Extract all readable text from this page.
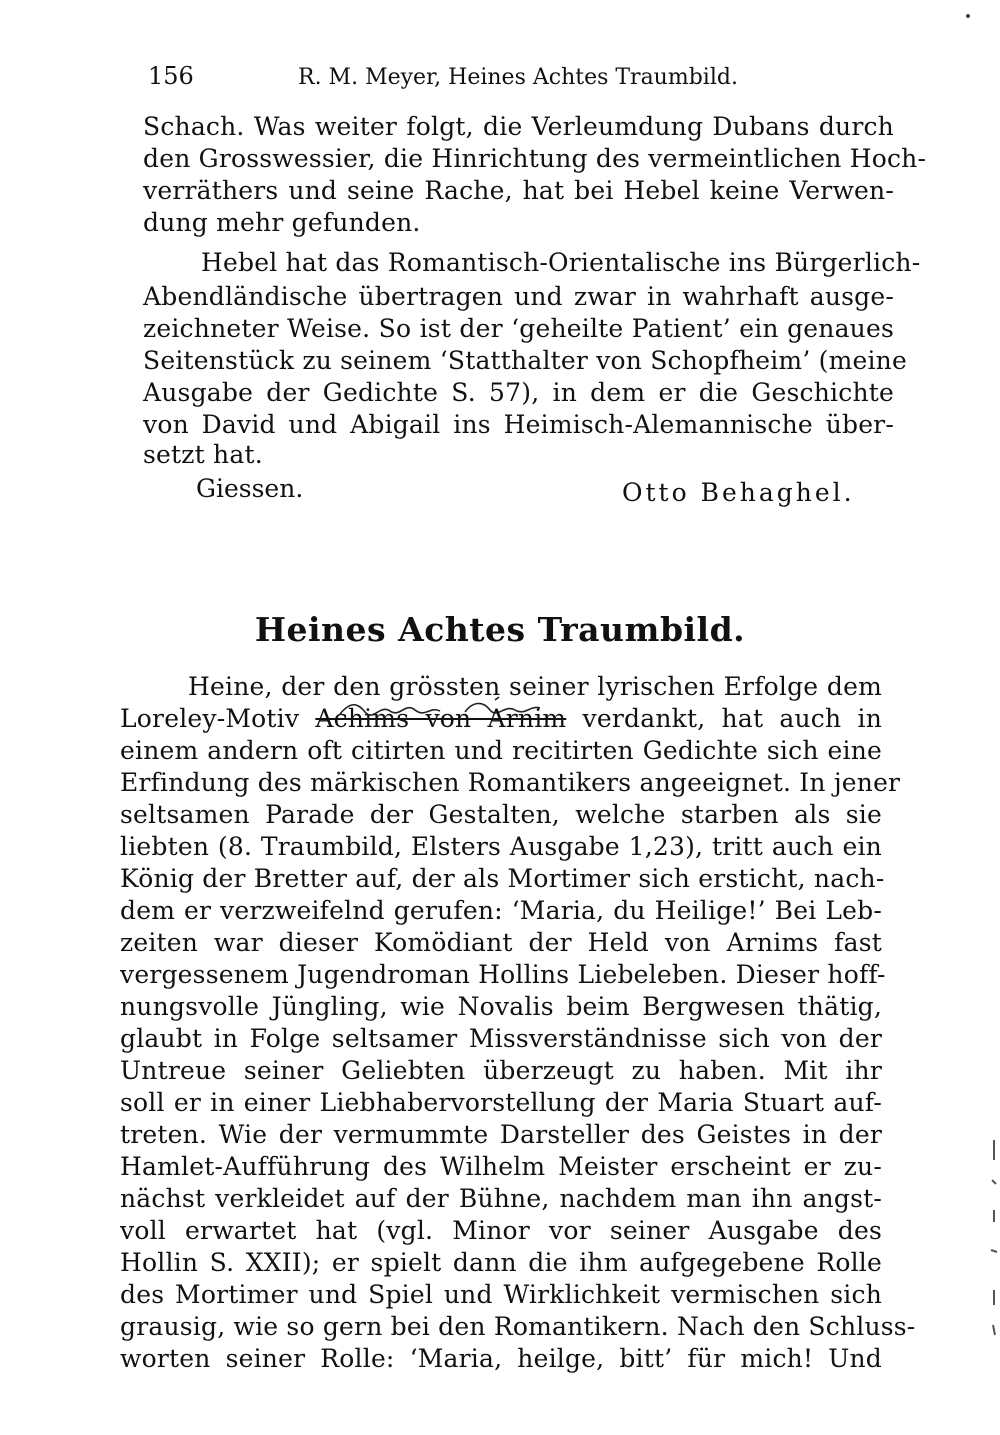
156	R. M. Meyer, Heines Achtes Traumbild.
Schach. Was weiter folgt, die Verleumdung Dubans durch
den Grosswessier, die Hinrichtung des vermeintlichen Hoch-
verräthers und seine Rache, hat bei Hebel keine Verwen-
dung mehr gefunden.
Hebel hat das Romantisch-Orientalische ins Bürgerlich-
Abendländische übertragen und zwar in wahrhaft ausge-
zeichneter Weise. So ist der ‘geheilte Patient’ ein genaues
Seitenstück zu seinem ‘Statthalter von Schopfheim’ (meine
Ausgabe der Gedichte S. 57), in dem er die Geschichte
von David und Abigail ins Heimisch-Alemannische über-
setzt hat.
Giessen.	Otto Behaghel.
Heines Achtes Traumbild.
Heine, der den grössten seiner lyrischen Erfolge dem
Loreley-Motiv Achims von Arnim verdankt, hat auch in
einem andern oft citirten und recitirten Gedichte sich eine
Erfindung des märkischen Romantikers angeeignet. In jener
seltsamen Parade der Gestalten, welche starben als sie
liebten (8. Traumbild, Elsters Ausgabe 1,23), tritt auch ein
König der Bretter auf, der als Mortimer sich ersticht, nach-
dem er verzweifelnd gerufen: ‘Maria, du Heilige!’ Bei Leb-
zeiten war dieser Komödiant der Held von Arnims fast
vergessenem Jugendroman Hollins Liebeleben. Dieser hoff-
nungsvolle Jüngling, wie Novalis beim Bergwesen thätig,
glaubt in Folge seltsamer Missverständnisse sich von der
Untreue seiner Geliebten überzeugt zu haben. Mit ihr
soll er in einer Liebhabervorstellung der Maria Stuart auf-
treten. Wie der vermummte Darsteller des Geistes in der
Hamlet-Aufführung des Wilhelm Meister erscheint er zu-
nächst verkleidet auf der Bühne, nachdem man ihn angst-
voll erwartet hat (vgl. Minor vor seiner Ausgabe des
Hollin S. XXII); er spielt dann die ihm aufgegebene Rolle
des Mortimer und Spiel und Wirklichkeit vermischen sich
grausig, wie so gern bei den Romantikern. Nach den Schluss-
worten seiner Rolle: ‘Maria, heilge, bitt’ für mich! Und
